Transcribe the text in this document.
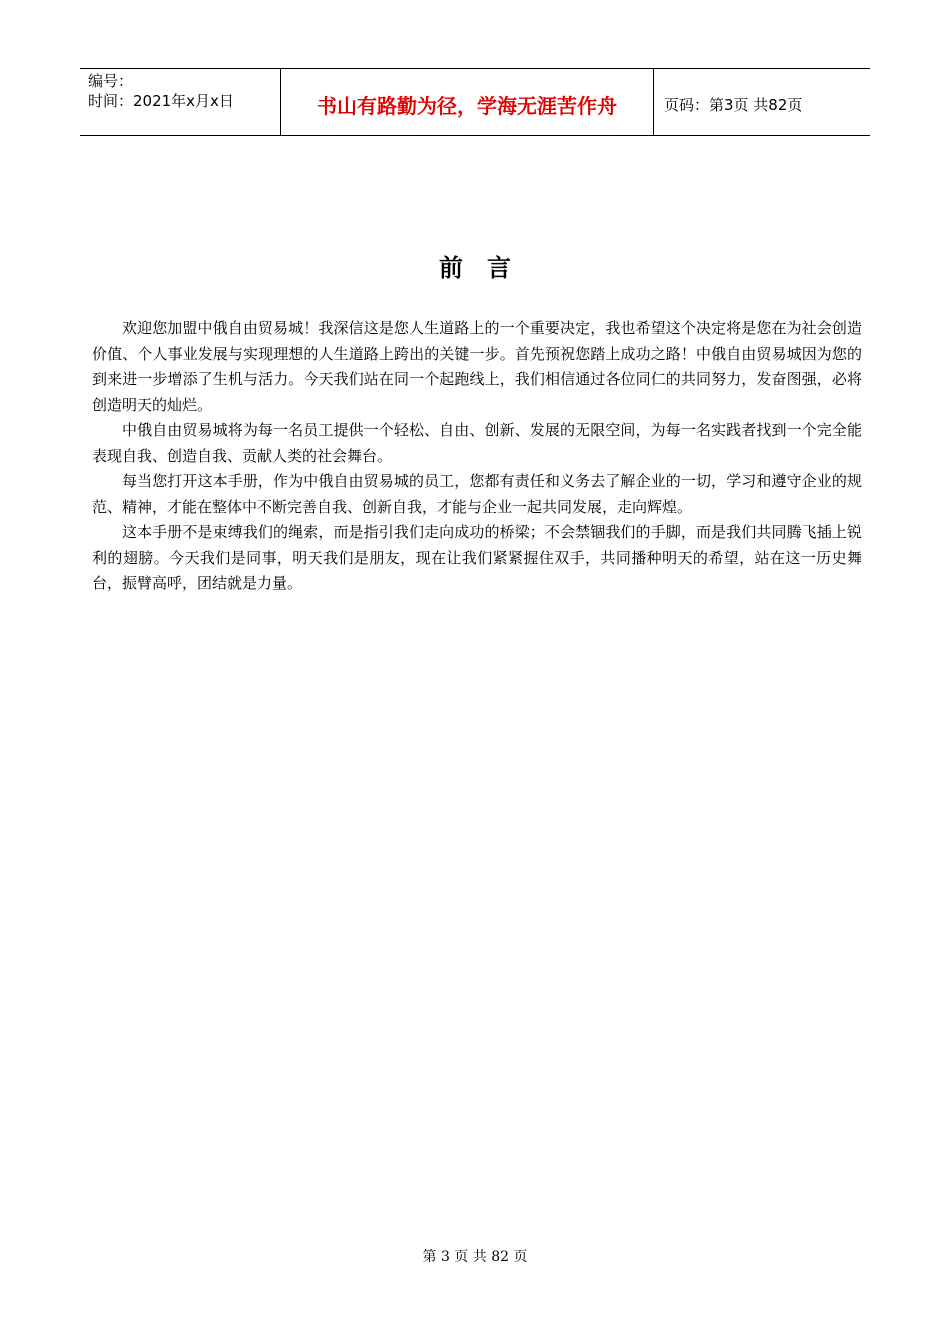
编号：
时间：2021年x月x日	书山有路勤为径，学海无涯苦作舟	页码：第3页 共82页
前言

欢迎您加盟中俄自由贸易城！我深信这是您人生道路上的一个重要决定，我也希望这个决定将是您在为社会创造价值、个人事业发展与实现理想的人生道路上跨出的关键一步。首先预祝您踏上成功之路！中俄自由贸易城因为您的到来进一步增添了生机与活力。今天我们站在同一个起跑线上，我们相信通过各位同仁的共同努力，发奋图强，必将创造明天的灿烂。

中俄自由贸易城将为每一名员工提供一个轻松、自由、创新、发展的无限空间，为每一名实践者找到一个完全能表现自我、创造自我、贡献人类的社会舞台。

每当您打开这本手册，作为中俄自由贸易城的员工，您都有责任和义务去了解企业的一切，学习和遵守企业的规范、精神，才能在整体中不断完善自我、创新自我，才能与企业一起共同发展，走向辉煌。

这本手册不是束缚我们的绳索，而是指引我们走向成功的桥梁；不会禁锢我们的手脚，而是我们共同腾飞插上锐利的翅膀。今天我们是同事，明天我们是朋友，现在让我们紧紧握住双手，共同播种明天的希望，站在这一历史舞台，振臂高呼，团结就是力量。

第 3 页 共 82 页
